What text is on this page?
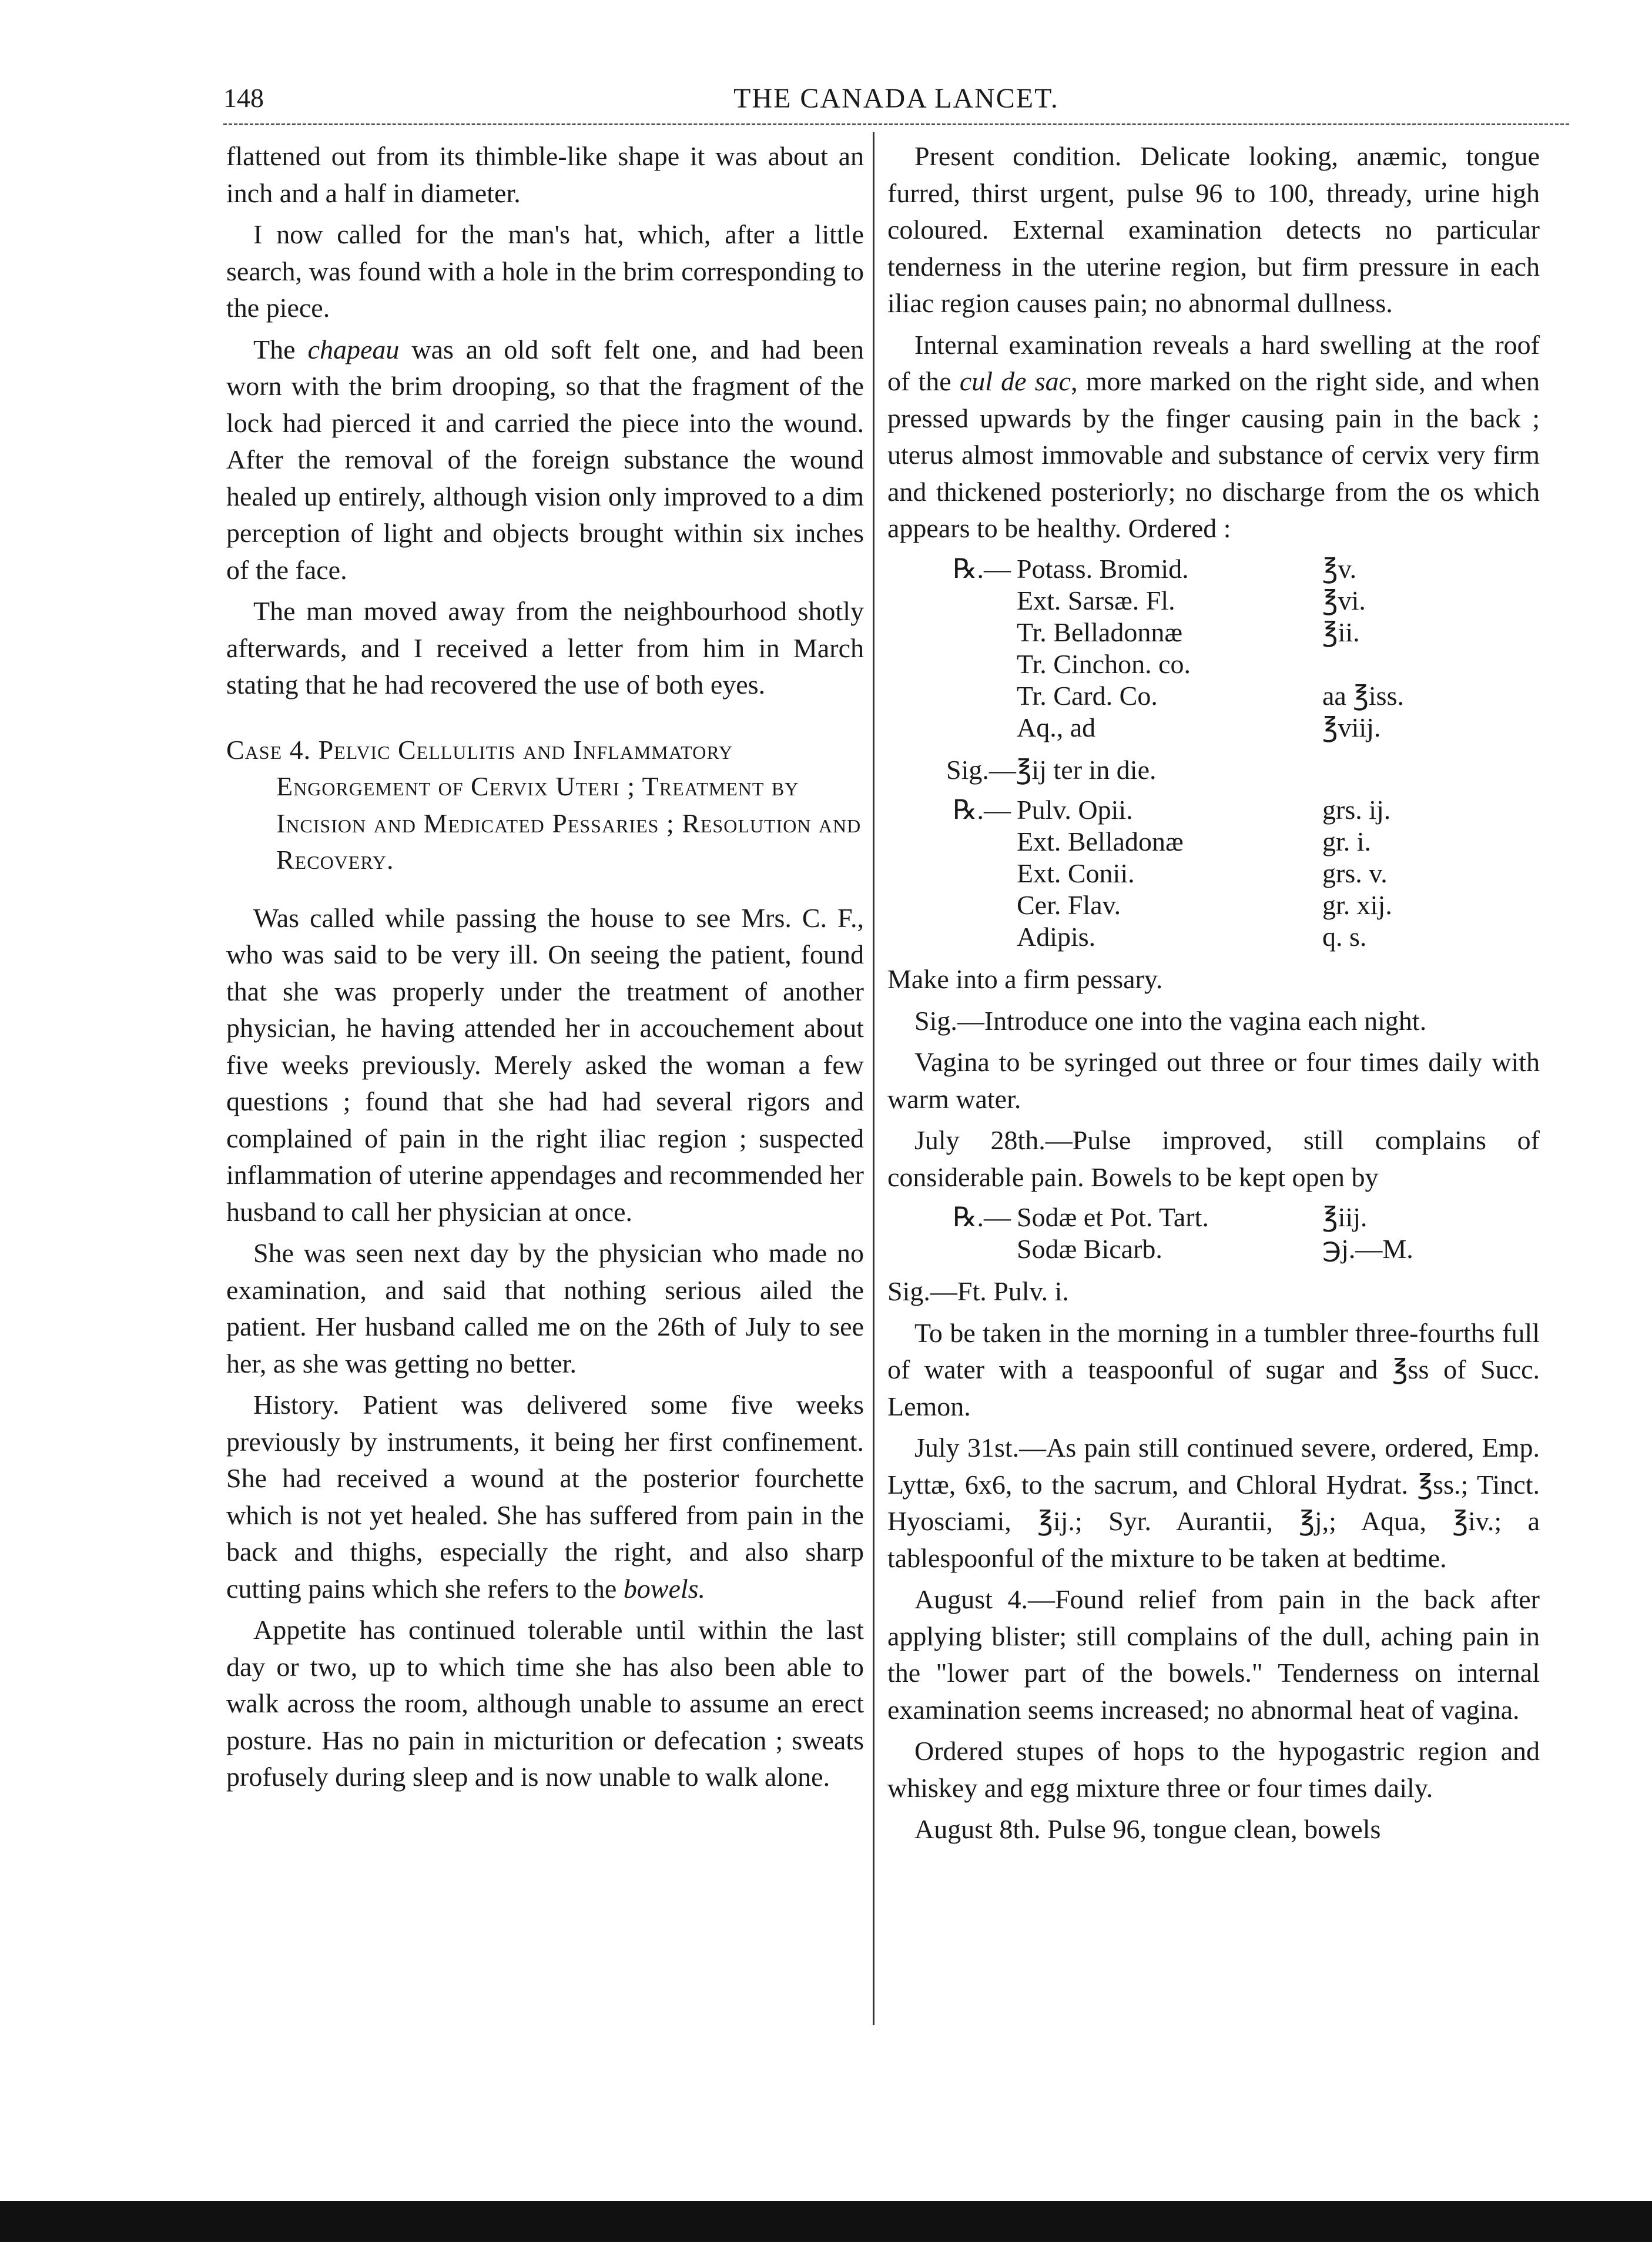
148	THE CANADA LANCET.

flattened out from its thimble-like shape it was about an inch and a half in diameter.

I now called for the man's hat, which, after a little search, was found with a hole in the brim corresponding to the piece.

The chapeau was an old soft felt one, and had been worn with the brim drooping, so that the fragment of the lock had pierced it and carried the piece into the wound. After the removal of the foreign substance the wound healed up entirely, although vision only improved to a dim perception of light and objects brought within six inches of the face.

The man moved away from the neighbourhood shotly afterwards, and I received a letter from him in March stating that he had recovered the use of both eyes.

Case 4. Pelvic Cellulitis and Inflammatory Engorgement of Cervix Uteri ; Treatment by Incision and Medicated Pessaries ; Resolution and Recovery.

Was called while passing the house to see Mrs. C. F., who was said to be very ill. On seeing the patient, found that she was properly under the treatment of another physician, he having attended her in accouchement about five weeks previously. Merely asked the woman a few questions ; found that she had had several rigors and complained of pain in the right iliac region ; suspected inflammation of uterine appendages and recommended her husband to call her physician at once.

She was seen next day by the physician who made no examination, and said that nothing serious ailed the patient. Her husband called me on the 26th of July to see her, as she was getting no better.

History. Patient was delivered some five weeks previously by instruments, it being her first confinement. She had received a wound at the posterior fourchette which is not yet healed. She has suffered from pain in the back and thighs, especially the right, and also sharp cutting pains which she refers to the bowels.

Appetite has continued tolerable until within the last day or two, up to which time she has also been able to walk across the room, although unable to assume an erect posture. Has no pain in micturition or defecation ; sweats profusely during sleep and is now unable to walk alone.

Present condition. Delicate looking, anæmic, tongue furred, thirst urgent, pulse 96 to 100, thready, urine high coloured. External examination detects no particular tenderness in the uterine region, but firm pressure in each iliac region causes pain; no abnormal dullness.

Internal examination reveals a hard swelling at the roof of the cul de sac, more marked on the right side, and when pressed upwards by the finger causing pain in the back ; uterus almost immovable and substance of cervix very firm and thickened posteriorly; no discharge from the os which appears to be healthy. Ordered :

℞.— Potass. Bromid.	℥v.
Ext. Sarsæ. Fl.	℥vi.
Tr. Belladonnæ	℥ii.
Tr. Cinchon. co.
Tr. Card. Co.	aa ℥iss.
Aq., ad	℥viij.

Sig.—℥ij ter in die.

℞.— Pulv. Opii.	grs. ij.
Ext. Belladonæ	gr. i.
Ext. Conii.	grs. v.
Cer. Flav.	gr. xij.
Adipis.	q. s.

Make into a firm pessary.

Sig.—Introduce one into the vagina each night.

Vagina to be syringed out three or four times daily with warm water.

July 28th.—Pulse improved, still complains of considerable pain. Bowels to be kept open by

℞.— Sodæ et Pot. Tart.	℥iij.
Sodæ Bicarb.	℈j.—M.

Sig.—Ft. Pulv. i.

To be taken in the morning in a tumbler three-fourths full of water with a teaspoonful of sugar and ℥ss of Succ. Lemon.

July 31st.—As pain still continued severe, ordered, Emp. Lyttæ, 6x6, to the sacrum, and Chloral Hydrat. ℥ss.; Tinct. Hyosciami, ℥ij.; Syr. Aurantii, ℥j,; Aqua, ℥iv.; a tablespoonful of the mixture to be taken at bedtime.

August 4.—Found relief from pain in the back after applying blister; still complains of the dull, aching pain in the "lower part of the bowels." Tenderness on internal examination seems increased; no abnormal heat of vagina.

Ordered stupes of hops to the hypogastric region and whiskey and egg mixture three or four times daily.

August 8th. Pulse 96, tongue clean, bowels
